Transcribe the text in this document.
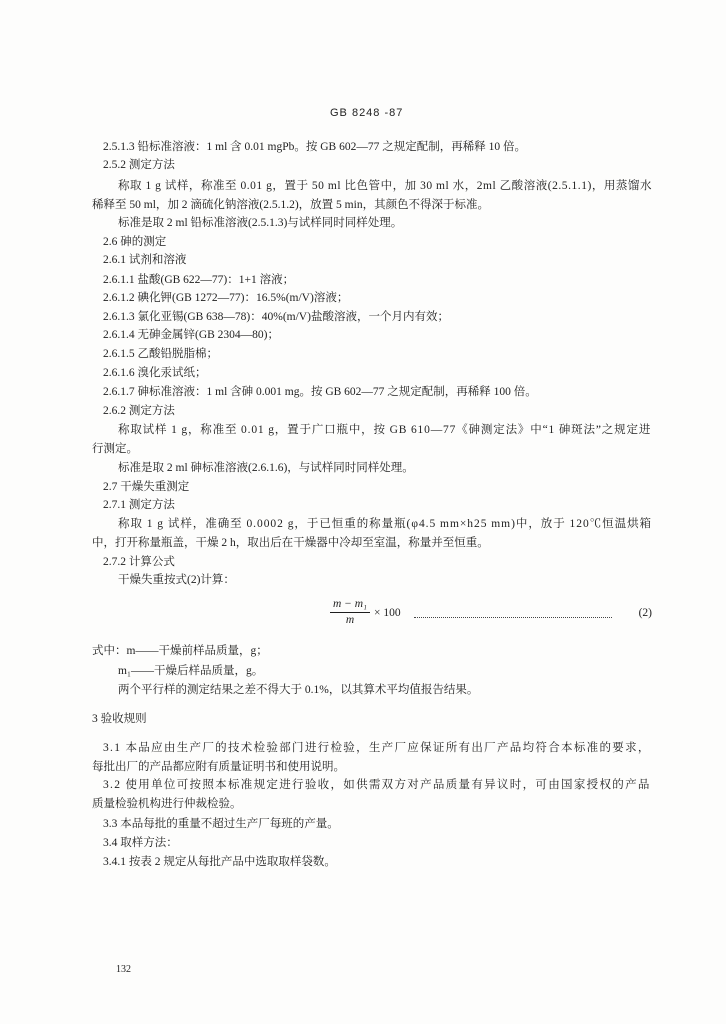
GB 8248 -87
2.5.1.3 铅标准溶液：1 ml 含 0.01 mgPb。按 GB 602—77 之规定配制，再稀释 10 倍。
2.5.2 测定方法
称取 1 g 试样，称准至 0.01 g，置于 50 ml 比色管中，加 30 ml 水，2ml 乙酸溶液(2.5.1.1)，用蒸馏水
稀释至 50 ml，加 2 滴硫化钠溶液(2.5.1.2)，放置 5 min，其颜色不得深于标准。
标准是取 2 ml 铅标准溶液(2.5.1.3)与试样同时同样处理。
2.6 砷的测定
2.6.1 试剂和溶液
2.6.1.1 盐酸(GB 622—77)：1+1 溶液；
2.6.1.2 碘化钾(GB 1272—77)：16.5%(m/V)溶液；
2.6.1.3 氯化亚锡(GB 638—78)：40%(m/V)盐酸溶液，一个月内有效；
2.6.1.4 无砷金属锌(GB 2304—80)；
2.6.1.5 乙酸铅脱脂棉；
2.6.1.6 溴化汞试纸；
2.6.1.7 砷标准溶液：1 ml 含砷 0.001 mg。按 GB 602—77 之规定配制，再稀释 100 倍。
2.6.2 测定方法
称取试样 1 g，称准至 0.01 g，置于广口瓶中，按 GB 610—77《砷测定法》中“1 砷斑法”之规定进
行测定。
标准是取 2 ml 砷标准溶液(2.6.1.6)，与试样同时同样处理。
2.7 干燥失重测定
2.7.1 测定方法
称取 1 g 试样，准确至 0.0002 g，于已恒重的称量瓶(φ4.5 mm×h25 mm)中，放于 120℃恒温烘箱
中，打开称量瓶盖，干燥 2 h，取出后在干燥器中冷却至室温，称量并至恒重。
2.7.2 计算公式
干燥失重按式(2)计算：
m − m₁
m
× 100	(2)
式中：m——干燥前样品质量，g；
m₁——干燥后样品质量，g。
两个平行样的测定结果之差不得大于 0.1%，以其算术平均值报告结果。
3 验收规则
3.1 本品应由生产厂的技术检验部门进行检验，生产厂应保证所有出厂产品均符合本标准的要求，
每批出厂的产品都应附有质量证明书和使用说明。
3.2 使用单位可按照本标准规定进行验收，如供需双方对产品质量有异议时，可由国家授权的产品
质量检验机构进行仲裁检验。
3.3 本品每批的重量不超过生产厂每班的产量。
3.4 取样方法：
3.4.1 按表 2 规定从每批产品中选取取样袋数。
132
